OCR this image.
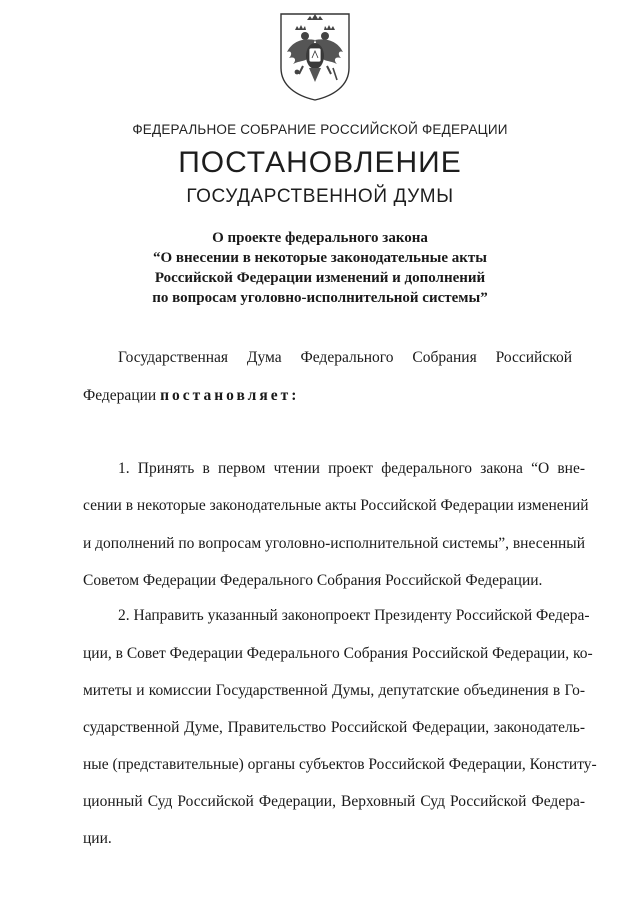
ФЕДЕРАЛЬНОЕ СОБРАНИЕ РОССИЙСКОЙ ФЕДЕРАЦИИ
ПОСТАНОВЛЕНИЕ
ГОСУДАРСТВЕННОЙ ДУМЫ
О проекте федерального закона
“О внесении в некоторые законодательные акты
Российской Федерации изменений и дополнений
по вопросам уголовно-исполнительной системы”
Государственная Дума Федерального Собрания Российской
Федерации постановляет:
1. Принять в первом чтении проект федерального закона “О вне-
сении в некоторые законодательные акты Российской Федерации изменений
и дополнений по вопросам уголовно-исполнительной системы”, внесенный
Советом Федерации Федерального Собрания Российской Федерации.
2. Направить указанный законопроект Президенту Российской Федера-
ции, в Совет Федерации Федерального Собрания Российской Федерации, ко-
митеты и комиссии Государственной Думы, депутатские объединения в Го-
сударственной Думе, Правительство Российской Федерации, законодатель-
ные (представительные) органы субъектов Российской Федерации, Конститу-
ционный Суд Российской Федерации, Верховный Суд Российской Федера-
ции.
